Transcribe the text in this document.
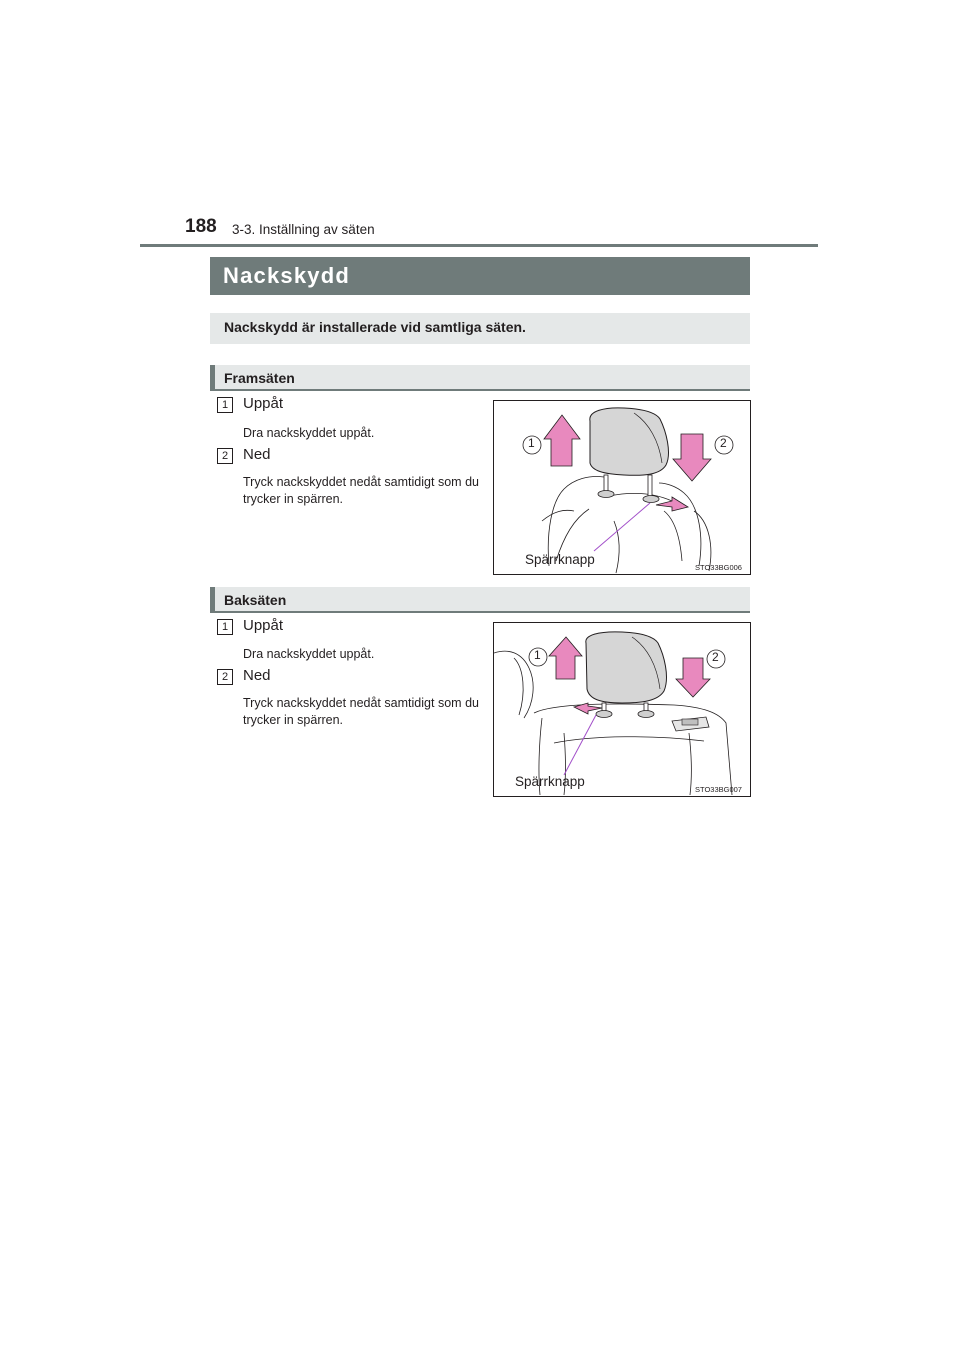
188 3-3. Inställning av säten
Nackskydd
Nackskydd är installerade vid samtliga säten.
Framsäten
1 Uppåt
Dra nackskyddet uppåt.
2 Ned
Tryck nackskyddet nedåt samtidigt som du trycker in spärren.
1	2
Spärrknapp
STO33BG006
Baksäten
1 Uppåt
Dra nackskyddet uppåt.
2 Ned
Tryck nackskyddet nedåt samtidigt som du trycker in spärren.
1	2
Spärrknapp
STO33BG007
